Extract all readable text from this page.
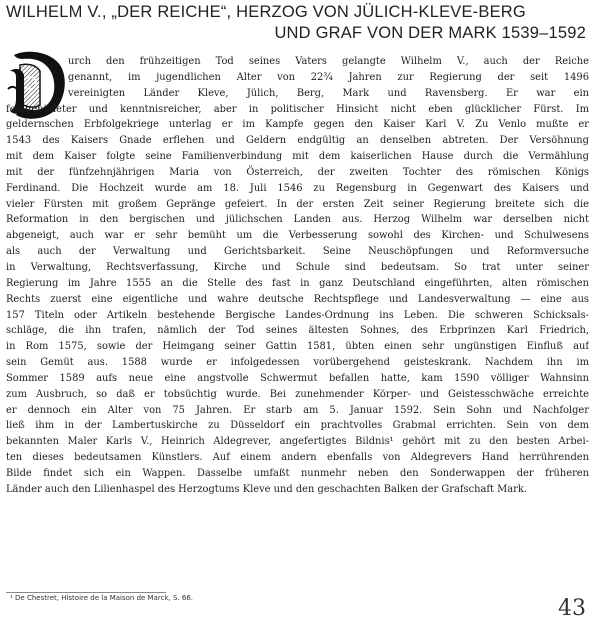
WILHELM V., „DER REICHE“, HERZOG VON JÜLICH-KLEVE-BERG
UND GRAF VON DER MARK 1539–1592
urch den frühzeitigen Tod seines Vaters gelangte Wilhelm V., auch der Reiche
genannt, im jugendlichen Alter von 22¾ Jahren zur Regierung der seit 1496
vereinigten Länder Kleve, Jülich, Berg, Mark und Ravensberg. Er war ein
feingebildeter und kenntnisreicher, aber in politischer Hinsicht nicht eben glücklicher Fürst. Im
geldernschen Erbfolgekriege unterlag er im Kampfe gegen den Kaiser Karl V. Zu Venlo mußte er
1543 des Kaisers Gnade erflehen und Geldern endgültig an denselben abtreten. Der Versöhnung
mit dem Kaiser folgte seine Familienverbindung mit dem kaiserlichen Hause durch die Vermählung
mit der fünfzehnjährigen Maria von Österreich, der zweiten Tochter des römischen Königs
Ferdinand. Die Hochzeit wurde am 18. Juli 1546 zu Regensburg in Gegenwart des Kaisers und
vieler Fürsten mit großem Gepränge gefeiert. In der ersten Zeit seiner Regierung breitete sich die
Reformation in den bergischen und jülichschen Landen aus. Herzog Wilhelm war derselben nicht
abgeneigt, auch war er sehr bemüht um die Verbesserung sowohl des Kirchen- und Schulwesens
als auch der Verwaltung und Gerichtsbarkeit. Seine Neuschöpfungen und Reformversuche
in Verwaltung, Rechtsverfassung, Kirche und Schule sind bedeutsam. So trat unter seiner
Regierung im Jahre 1555 an die Stelle des fast in ganz Deutschland eingeführten, alten römischen
Rechts zuerst eine eigentliche und wahre deutsche Rechtspflege und Landesverwaltung — eine aus
157 Titeln oder Artikeln bestehende Bergische Landes-Ordnung ins Leben. Die schweren Schicksals-
schläge, die ihn trafen, nämlich der Tod seines ältesten Sohnes, des Erbprinzen Karl Friedrich,
in Rom 1575, sowie der Heimgang seiner Gattin 1581, übten einen sehr ungünstigen Einfluß auf
sein Gemüt aus. 1588 wurde er infolgedessen vorübergehend geisteskrank. Nachdem ihn im
Sommer 1589 aufs neue eine angstvolle Schwermut befallen hatte, kam 1590 völliger Wahnsinn
zum Ausbruch, so daß er tobsüchtig wurde. Bei zunehmender Körper- und Geistesschwäche erreichte
er dennoch ein Alter von 75 Jahren. Er starb am 5. Januar 1592. Sein Sohn und Nachfolger
ließ ihm in der Lambertuskirche zu Düsseldorf ein prachtvolles Grabmal errichten. Sein von dem
bekannten Maler Karls V., Heinrich Aldegrever, angefertigtes Bildnis¹ gehört mit zu den besten Arbei-
ten dieses bedeutsamen Künstlers. Auf einem andern ebenfalls von Aldegrevers Hand herrührenden
Bilde findet sich ein Wappen. Dasselbe umfaßt nunmehr neben den Sonderwappen der früheren
Länder auch den Lilienhaspel des Herzogtums Kleve und den geschachten Balken der Grafschaft Mark.
¹ De Chestret, Histoire de la Maison de Marck, S. 66.	43
